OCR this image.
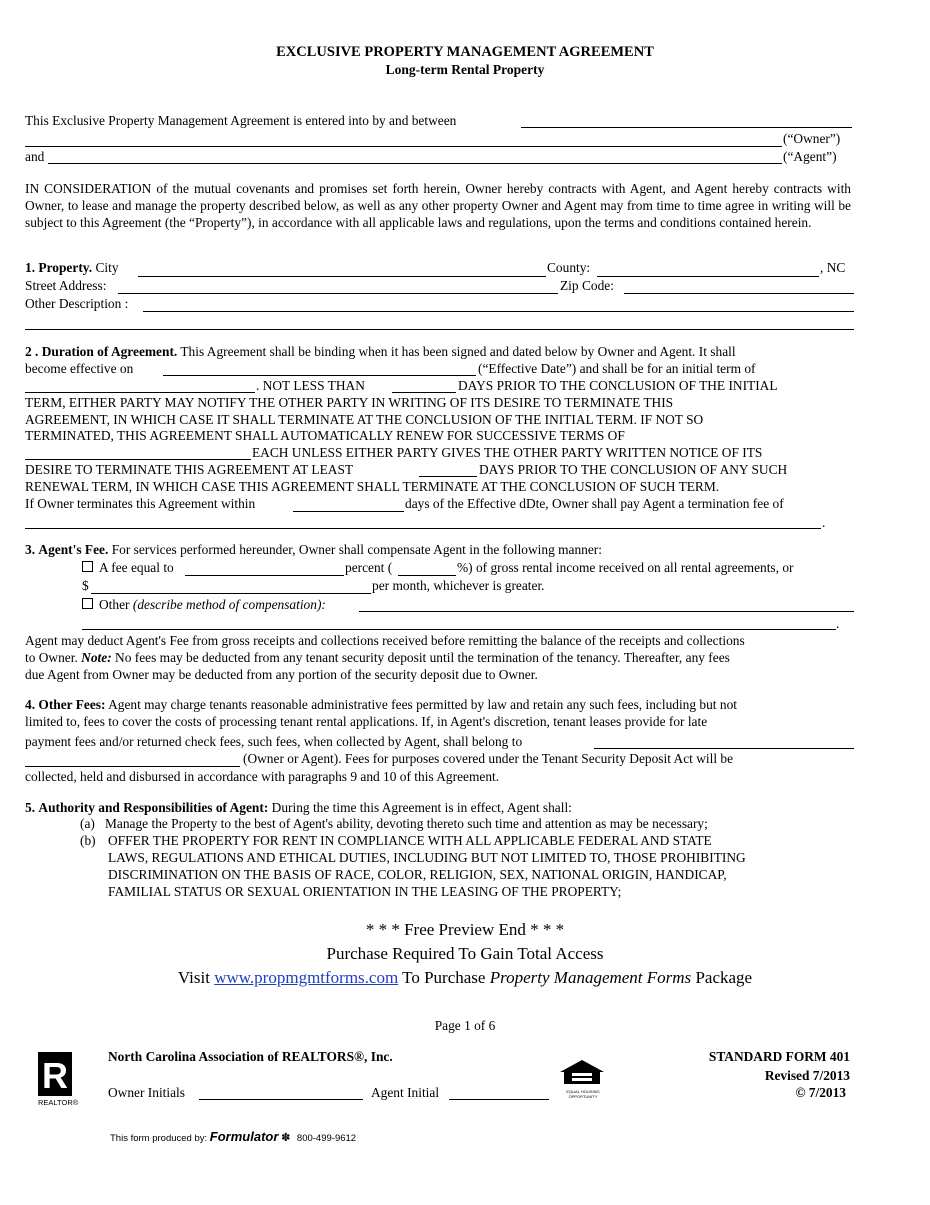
EXCLUSIVE PROPERTY MANAGEMENT AGREEMENT
Long-term Rental Property
This Exclusive Property Management Agreement is entered into by and between
(“Owner”)
and	(“Agent”)
IN CONSIDERATION of the mutual covenants and promises set forth herein, Owner hereby contracts with Agent, and Agent hereby contracts with Owner, to lease and manage the property described below, as well as any other property Owner and Agent may from time to time agree in writing will be subject to this Agreement (the “Property”), in accordance with all applicable laws and regulations, upon the terms and conditions contained herein.
1. Property. City	County:	, NC
Street Address:	Zip Code:
Other Description :
2 . Duration of Agreement. This Agreement shall be binding when it has been signed and dated below by Owner and Agent. It shall
become effective on	(“Effective Date”) and shall be for an initial term of
. NOT LESS THAN	DAYS PRIOR TO THE CONCLUSION OF THE INITIAL
TERM, EITHER PARTY MAY NOTIFY THE OTHER PARTY IN WRITING OF ITS DESIRE TO TERMINATE THIS
AGREEMENT, IN WHICH CASE IT SHALL TERMINATE AT THE CONCLUSION OF THE INITIAL TERM. IF NOT SO
TERMINATED, THIS AGREEMENT SHALL AUTOMATICALLY RENEW FOR SUCCESSIVE TERMS OF
EACH UNLESS EITHER PARTY GIVES THE OTHER PARTY WRITTEN NOTICE OF ITS
DESIRE TO TERMINATE THIS AGREEMENT AT LEAST	DAYS PRIOR TO THE CONCLUSION OF ANY SUCH
RENEWAL TERM, IN WHICH CASE THIS AGREEMENT SHALL TERMINATE AT THE CONCLUSION OF SUCH TERM.
If Owner terminates this Agreement within	days of the Effective dDte, Owner shall pay Agent a termination fee of
.
3. Agent's Fee. For services performed hereunder, Owner shall compensate Agent in the following manner:
A fee equal to	percent (	%) of gross rental income received on all rental agreements, or
$	per month, whichever is greater.
Other (describe method of compensation):
.
Agent may deduct Agent's Fee from gross receipts and collections received before remitting the balance of the receipts and collections
to Owner. Note: No fees may be deducted from any tenant security deposit until the termination of the tenancy. Thereafter, any fees
due Agent from Owner may be deducted from any portion of the security deposit due to Owner.
4. Other Fees: Agent may charge tenants reasonable administrative fees permitted by law and retain any such fees, including but not
limited to, fees to cover the costs of processing tenant rental applications. If, in Agent's discretion, tenant leases provide for late
payment fees and/or returned check fees, such fees, when collected by Agent, shall belong to
(Owner or Agent). Fees for purposes covered under the Tenant Security Deposit Act will be
collected, held and disbursed in accordance with paragraphs 9 and 10 of this Agreement.
5. Authority and Responsibilities of Agent: During the time this Agreement is in effect, Agent shall:
(a) Manage the Property to the best of Agent's ability, devoting thereto such time and attention as may be necessary;
(b) OFFER THE PROPERTY FOR RENT IN COMPLIANCE WITH ALL APPLICABLE FEDERAL AND STATE
LAWS, REGULATIONS AND ETHICAL DUTIES, INCLUDING BUT NOT LIMITED TO, THOSE PROHIBITING
DISCRIMINATION ON THE BASIS OF RACE, COLOR, RELIGION, SEX, NATIONAL ORIGIN, HANDICAP,
FAMILIAL STATUS OR SEXUAL ORIENTATION IN THE LEASING OF THE PROPERTY;
* * * Free Preview End * * *
Purchase Required To Gain Total Access
Visit www.propmgmtforms.com To Purchase Property Management Forms Package
Page 1 of 6
R
REALTOR®
North Carolina Association of REALTORS®, Inc.
Owner Initials	Agent Initial	EQUAL HOUSING OPPORTUNITY
STANDARD FORM 401
Revised 7/2013
© 7/2013
This form produced by: Formulator ✽ 800-499-9612
